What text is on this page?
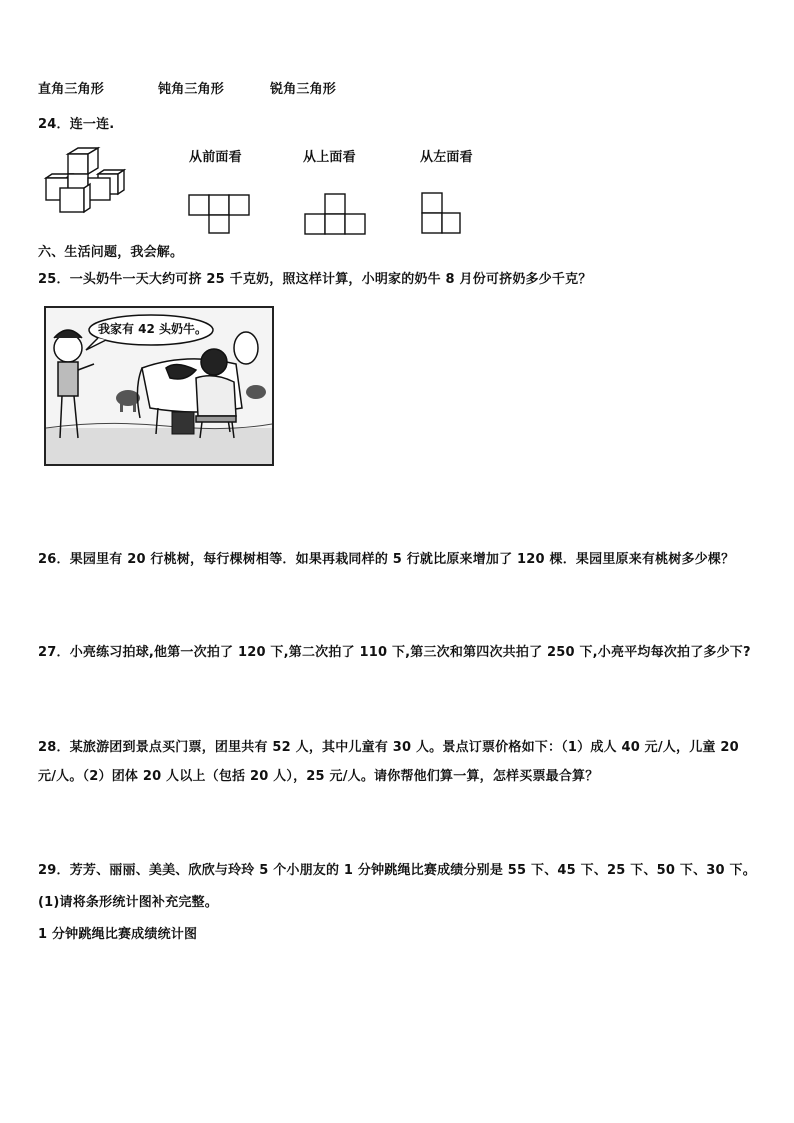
直角三角形	钝角三角形	锐角三角形
24．连一连.
从前面看	从上面看	从左面看
六、生活问题，我会解。
25．一头奶牛一天大约可挤 25 千克奶，照这样计算，小明家的奶牛 8 月份可挤奶多少千克？
我家有 42 头奶牛。
26．果园里有 20 行桃树，每行棵树相等．如果再栽同样的 5 行就比原来增加了 120 棵．果园里原来有桃树多少棵？
27．小亮练习拍球,他第一次拍了 120 下,第二次拍了 110 下,第三次和第四次共拍了 250 下,小亮平均每次拍了多少下?
28．某旅游团到景点买门票，团里共有 52 人，其中儿童有 30 人。景点订票价格如下：（1）成人 40 元/人，儿童 20
元/人。（2）团体 20 人以上（包括 20 人），25 元/人。请你帮他们算一算，怎样买票最合算？
29．芳芳、丽丽、美美、欣欣与玲玲 5 个小朋友的 1 分钟跳绳比赛成绩分别是 55 下、45 下、25 下、50 下、30 下。
(1)请将条形统计图补充完整。
1 分钟跳绳比赛成绩统计图
